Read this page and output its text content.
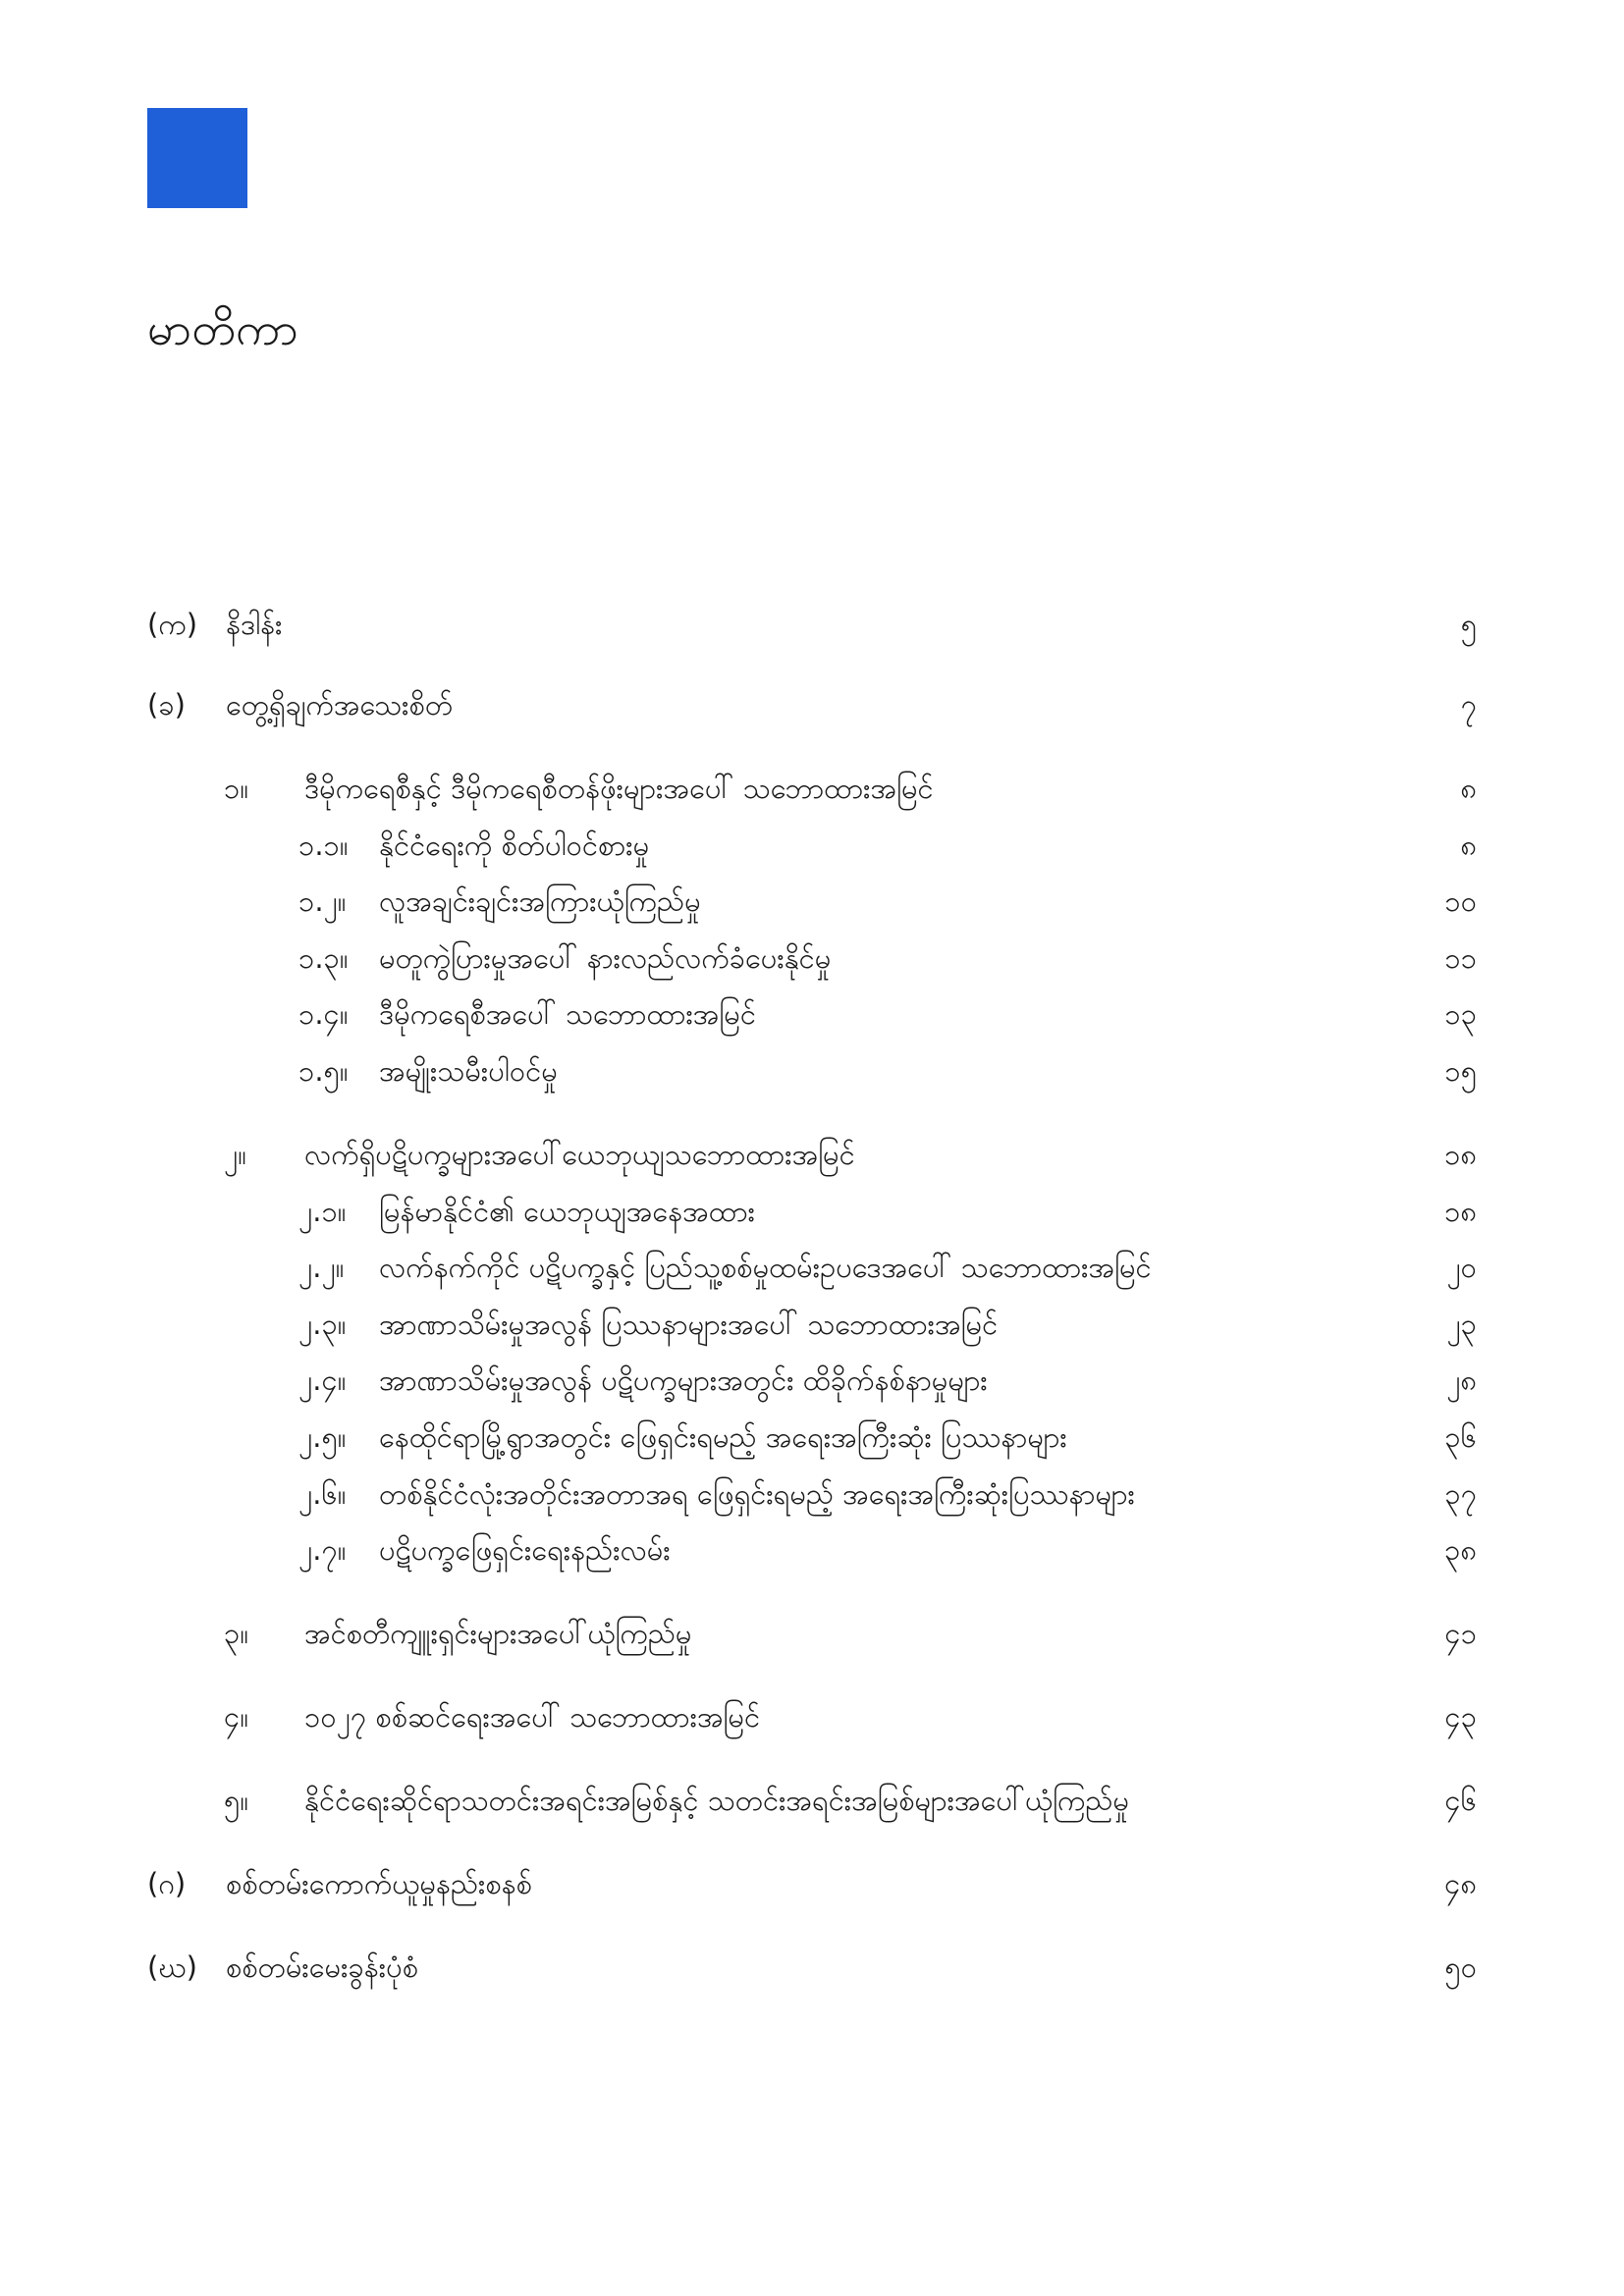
မာတိကာ
(က) နိဒါန်း	၅
(ခ) တွေ့ရှိချက်အသေးစိတ်	၇
၁။ ဒီမိုကရေစီနှင့် ဒီမိုကရေစီတန်ဖိုးများအပေါ် သဘောထားအမြင်	၈
၁.၁။ နိုင်ငံရေးကို စိတ်ပါဝင်စားမှု	၈
၁.၂။ လူအချင်းချင်းအကြားယုံကြည်မှု	၁၀
၁.၃။ မတူကွဲပြားမှုအပေါ် နားလည်လက်ခံပေးနိုင်မှု	၁၁
၁.၄။ ဒီမိုကရေစီအပေါ် သဘောထားအမြင်	၁၃
၁.၅။ အမျိုးသမီးပါဝင်မှု	၁၅
၂။ လက်ရှိပဋိပက္ခများအပေါ်ယေဘုယျသဘောထားအမြင်	၁၈
၂.၁။ မြန်မာနိုင်ငံ၏ ယေဘုယျအနေအထား	၁၈
၂.၂။ လက်နက်ကိုင် ပဋိပက္ခနှင့် ပြည်သူ့စစ်မှုထမ်းဥပဒေအပေါ် သဘောထားအမြင်	၂၀
၂.၃။ အာဏာသိမ်းမှုအလွန် ပြဿနာများအပေါ် သဘောထားအမြင်	၂၃
၂.၄။ အာဏာသိမ်းမှုအလွန် ပဋိပက္ခများအတွင်း ထိခိုက်နစ်နာမှုများ	၂၈
၂.၅။ နေထိုင်ရာမြို့ရွာအတွင်း ဖြေရှင်းရမည့် အရေးအကြီးဆုံး ပြဿနာများ	၃၆
၂.၆။ တစ်နိုင်ငံလုံးအတိုင်းအတာအရ ဖြေရှင်းရမည့် အရေးအကြီးဆုံးပြဿနာများ	၃၇
၂.၇။ ပဋိပက္ခဖြေရှင်းရေးနည်းလမ်း	၃၈
၃။ အင်စတီကျူးရှင်းများအပေါ်ယုံကြည်မှု	၄၁
၄။ ၁၀၂၇ စစ်ဆင်ရေးအပေါ် သဘောထားအမြင်	၄၃
၅။ နိုင်ငံရေးဆိုင်ရာသတင်းအရင်းအမြစ်နှင့် သတင်းအရင်းအမြစ်များအပေါ်ယုံကြည်မှု	၄၆
(ဂ) စစ်တမ်းကောက်ယူမှုနည်းစနစ်	၄၈
(ဃ) စစ်တမ်းမေးခွန်းပုံစံ	၅၀
